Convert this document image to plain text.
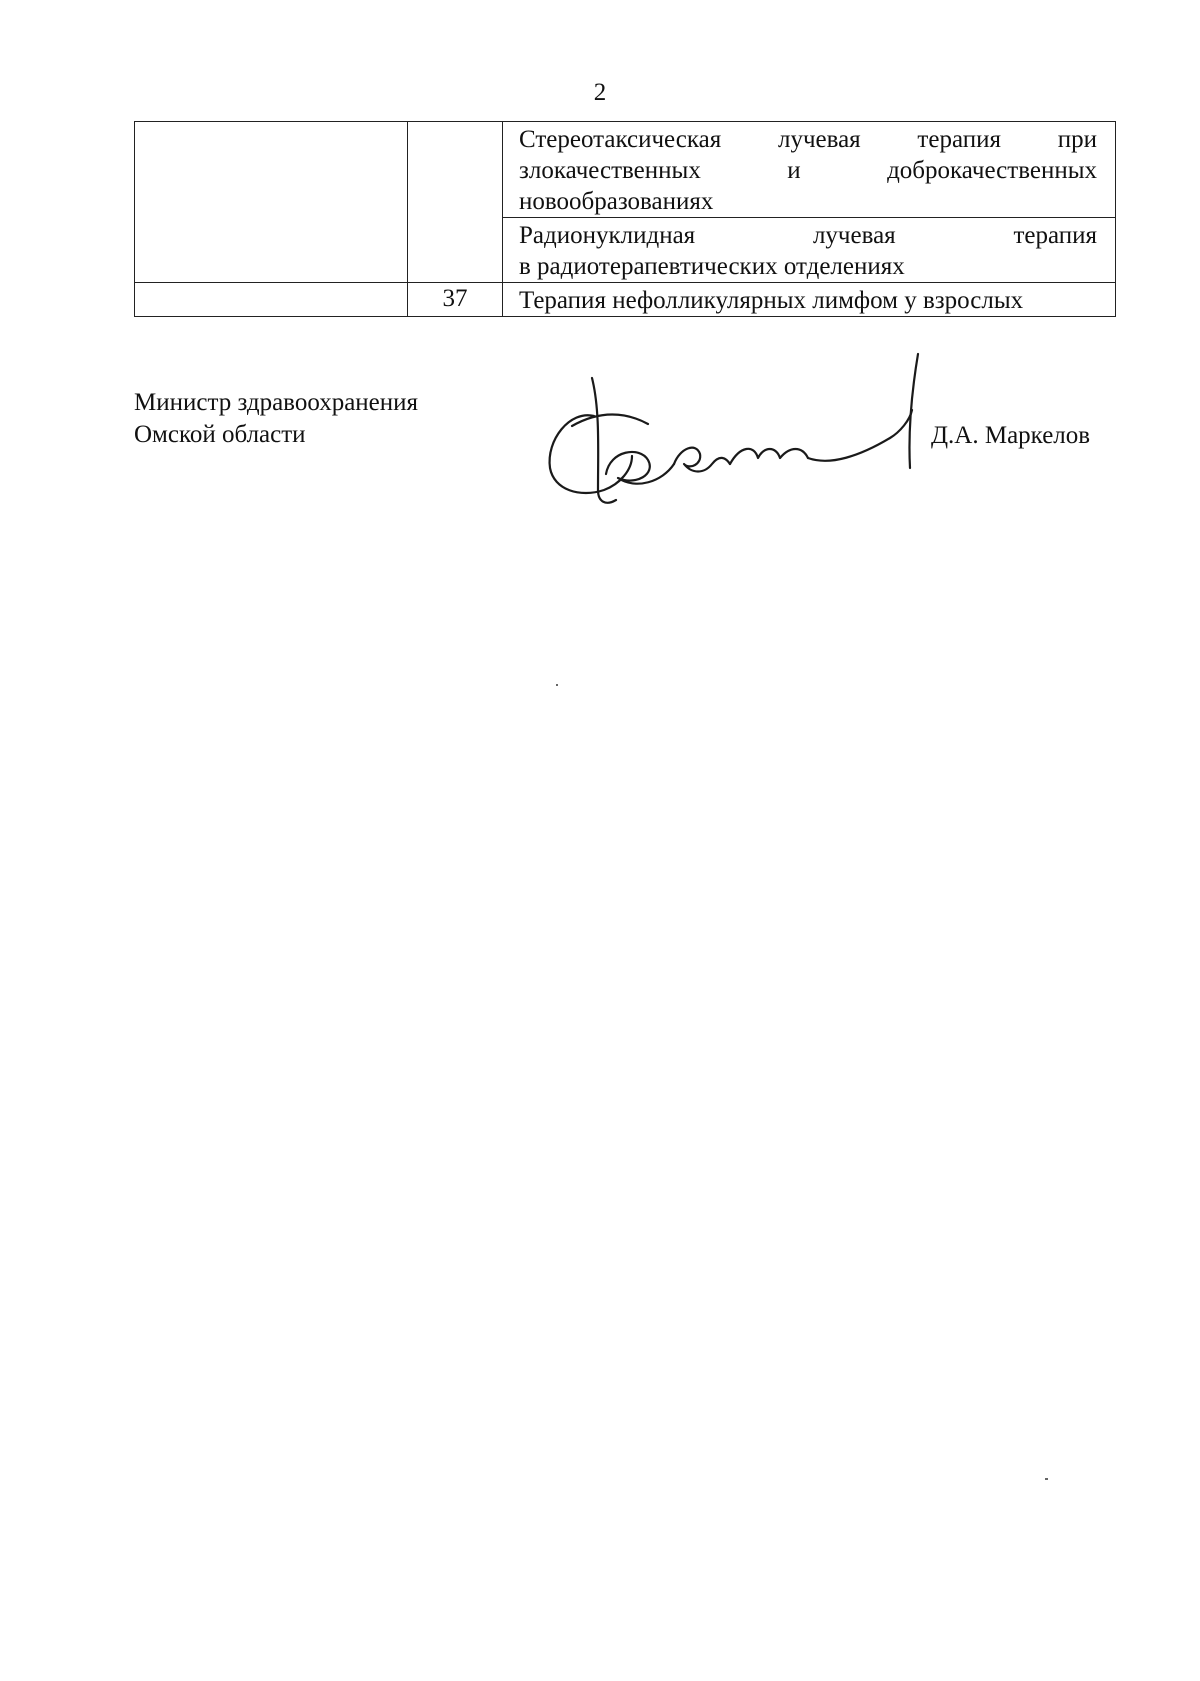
2

		Стереотаксическая лучевая терапия при
злокачественных и доброкачественных
новообразованиях

		Радионуклидная лучевая терапия
в радиотерапевтических отделениях

	37	Терапия нефолликулярных лимфом у взрослых
Министр здравоохранения
Омской области	Д.А. Маркелов
